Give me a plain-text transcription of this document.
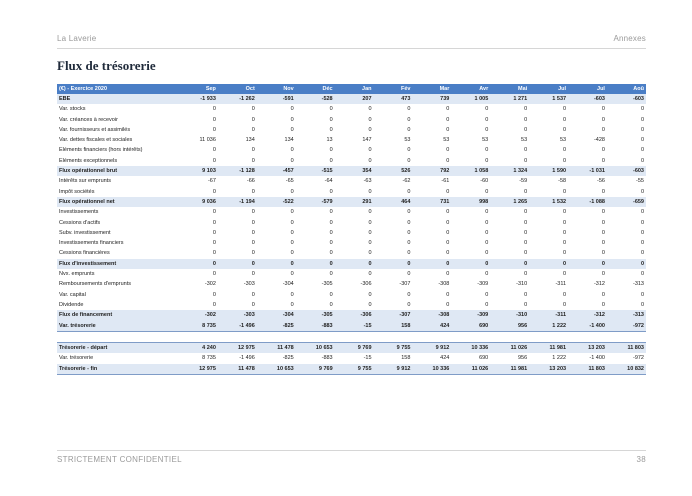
La Laverie	Annexes
Flux de trésorerie
(€) - Exercice 2020	Sep	Oct	Nov	Déc	Jan	Fév	Mar	Avr	Mai	Jul	Jul	Aoû
EBE	-1 933	-1 262	-591	-528	207	473	739	1 005	1 271	1 537	-603	-603
Var. stocks	0	0	0	0	0	0	0	0	0	0	0	0
Var. créances à recevoir	0	0	0	0	0	0	0	0	0	0	0	0
Var. fournisseurs et assimilés	0	0	0	0	0	0	0	0	0	0	0	0
Var. dettes fiscales et sociales	11 036	134	134	13	147	53	53	53	53	53	-428	0
Eléments financiers (hors intérêts)	0	0	0	0	0	0	0	0	0	0	0	0
Eléments exceptionnels	0	0	0	0	0	0	0	0	0	0	0	0
Flux opérationnel brut	9 103	-1 128	-457	-515	354	526	792	1 058	1 324	1 590	-1 031	-603
Intérêts sur emprunts	-67	-66	-65	-64	-63	-62	-61	-60	-59	-58	-56	-55
Impôt sociétés	0	0	0	0	0	0	0	0	0	0	0	0
Flux opérationnel net	9 036	-1 194	-522	-579	291	464	731	998	1 265	1 532	-1 088	-659
Investissements	0	0	0	0	0	0	0	0	0	0	0	0
Cessions d'actifs	0	0	0	0	0	0	0	0	0	0	0	0
Subv. investissement	0	0	0	0	0	0	0	0	0	0	0	0
Investissements financiers	0	0	0	0	0	0	0	0	0	0	0	0
Cessions financières	0	0	0	0	0	0	0	0	0	0	0	0
Flux d'investissement	0	0	0	0	0	0	0	0	0	0	0	0
Nvx. emprunts	0	0	0	0	0	0	0	0	0	0	0	0
Remboursements d'emprunts	-302	-303	-304	-305	-306	-307	-308	-309	-310	-311	-312	-313
Var. capital	0	0	0	0	0	0	0	0	0	0	0	0
Dividende	0	0	0	0	0	0	0	0	0	0	0	0
Flux de financement	-302	-303	-304	-305	-306	-307	-308	-309	-310	-311	-312	-313
Var. trésorerie	8 735	-1 496	-825	-883	-15	158	424	690	956	1 222	-1 400	-972

Trésorerie - départ	4 240	12 975	11 478	10 653	9 769	9 755	9 912	10 336	11 026	11 981	13 203	11 803
Var. trésorerie	8 735	-1 496	-825	-883	-15	158	424	690	956	1 222	-1 400	-972
Trésorerie - fin	12 975	11 478	10 653	9 769	9 755	9 912	10 336	11 026	11 981	13 203	11 803	10 832
STRICTEMENT CONFIDENTIEL	38
